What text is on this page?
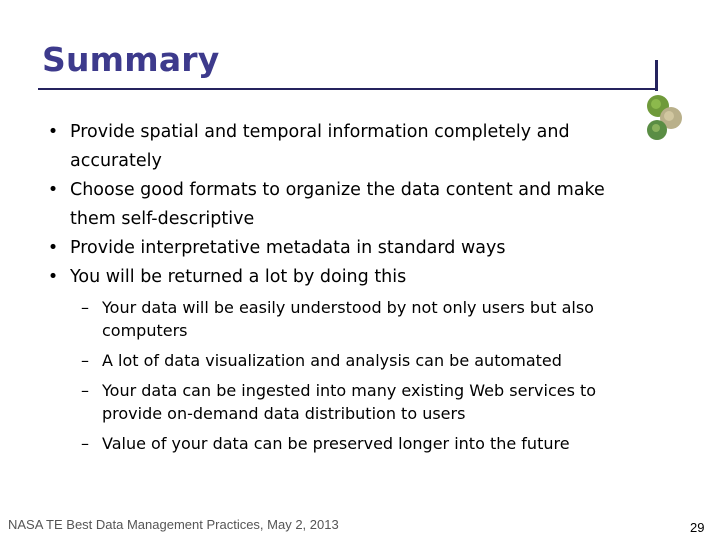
Summary
• Provide spatial and temporal information completely and
accurately
• Choose good formats to organize the data content and make
them self-descriptive
• Provide interpretative metadata in standard ways
• You will be returned a lot by doing this
– Your data will be easily understood by not only users but also
computers
– A lot of data visualization and analysis can be automated
– Your data can be ingested into many existing Web services to
provide on-demand data distribution to users
– Value of your data can be preserved longer into the future
NASA TE Best Data Management Practices, May 2, 2013	29
